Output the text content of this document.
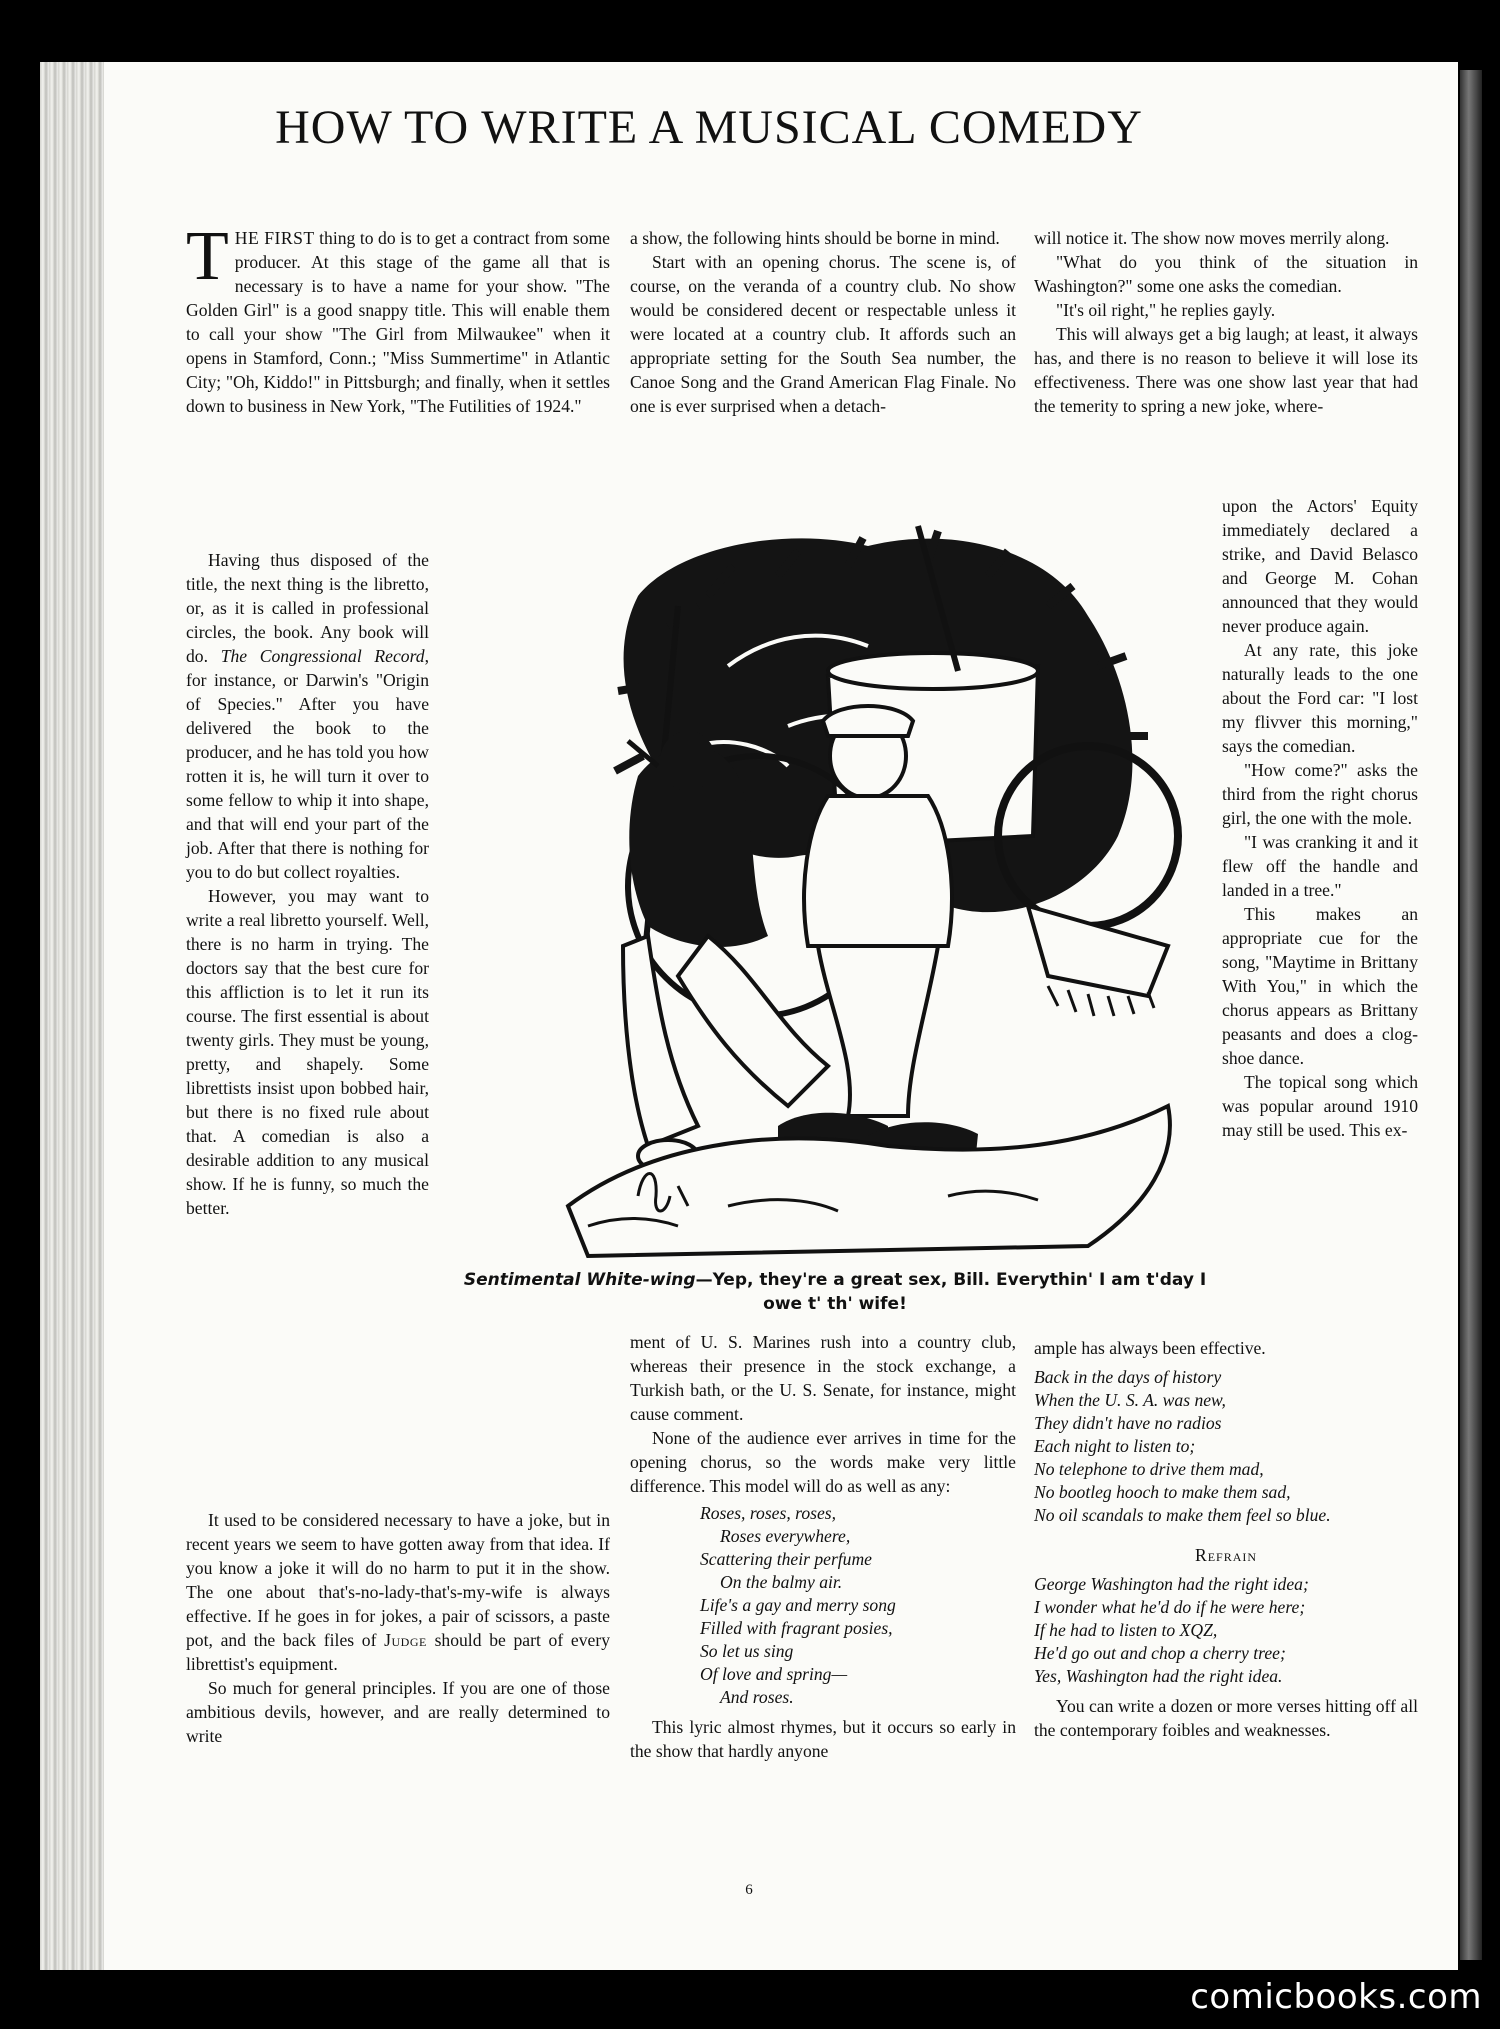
HOW TO WRITE A MUSICAL COMEDY

THE FIRST thing to do is to get a contract from some producer. At this stage of the game all that is necessary is to have a name for your show. "The Golden Girl" is a good snappy title. This will enable them to call your show "The Girl from Milwaukee" when it opens in Stamford, Conn.; "Miss Summertime" in Atlantic City; "Oh, Kiddo!" in Pittsburgh; and finally, when it settles down to business in New York, "The Futilities of 1924."

Having thus disposed of the title, the next thing is the libretto, or, as it is called in professional circles, the book. Any book will do. The Congressional Record, for instance, or Darwin's "Origin of Species." After you have delivered the book to the producer, and he has told you how rotten it is, he will turn it over to some fellow to whip it into shape, and that will end your part of the job. After that there is nothing for you to do but collect royalties.

However, you may want to write a real libretto yourself. Well, there is no harm in trying. The doctors say that the best cure for this affliction is to let it run its course. The first essential is about twenty girls. They must be young, pretty, and shapely. Some librettists insist upon bobbed hair, but there is no fixed rule about that. A comedian is also a desirable addition to any musical show. If he is funny, so much the better.

It used to be considered necessary to have a joke, but in recent years we seem to have gotten away from that idea. If you know a joke it will do no harm to put it in the show. The one about that's-no-lady-that's-my-wife is always effective. If he goes in for jokes, a pair of scissors, a paste pot, and the back files of Judge should be part of every librettist's equipment.

So much for general principles. If you are one of those ambitious devils, however, and are really determined to write

a show, the following hints should be borne in mind.

Start with an opening chorus. The scene is, of course, on the veranda of a country club. No show would be considered decent or respectable unless it were located at a country club. It affords such an appropriate setting for the South Sea number, the Canoe Song and the Grand American Flag Finale. No one is ever surprised when a detach-

ment of U. S. Marines rush into a country club, whereas their presence in the stock exchange, a Turkish bath, or the U. S. Senate, for instance, might cause comment.

None of the audience ever arrives in time for the opening chorus, so the words make very little difference. This model will do as well as any:

Roses, roses, roses,
Roses everywhere,
Scattering their perfume
On the balmy air.
Life's a gay and merry song
Filled with fragrant posies,
So let us sing
Of love and spring—
And roses.

This lyric almost rhymes, but it occurs so early in the show that hardly anyone

will notice it. The show now moves merrily along.

"What do you think of the situation in Washington?" some one asks the comedian.

"It's oil right," he replies gayly.

This will always get a big laugh; at least, it always has, and there is no reason to believe it will lose its effectiveness. There was one show last year that had the temerity to spring a new joke, where-

upon the Actors' Equity immediately declared a strike, and David Belasco and George M. Cohan announced that they would never produce again.

At any rate, this joke naturally leads to the one about the Ford car: "I lost my flivver this morning," says the comedian.

"How come?" asks the third from the right chorus girl, the one with the mole.

"I was cranking it and it flew off the handle and landed in a tree."

This makes an appropriate cue for the song, "Maytime in Brittany With You," in which the chorus appears as Brittany peasants and does a clog-shoe dance.

The topical song which was popular around 1910 may still be used. This ex-

ample has always been effective.

Back in the days of history
When the U. S. A. was new,
They didn't have no radios
Each night to listen to;
No telephone to drive them mad,
No bootleg hooch to make them sad,
No oil scandals to make them feel so blue.
Refrain
George Washington had the right idea;
I wonder what he'd do if he were here;
If he had to listen to XQZ,
He'd go out and chop a cherry tree;
Yes, Washington had the right idea.

You can write a dozen or more verses hitting off all the contemporary foibles and weaknesses.

Sentimental White-wing—Yep, they're a great sex, Bill. Everythin' I am t'day I owe t' th' wife!
6
comicbooks.com
